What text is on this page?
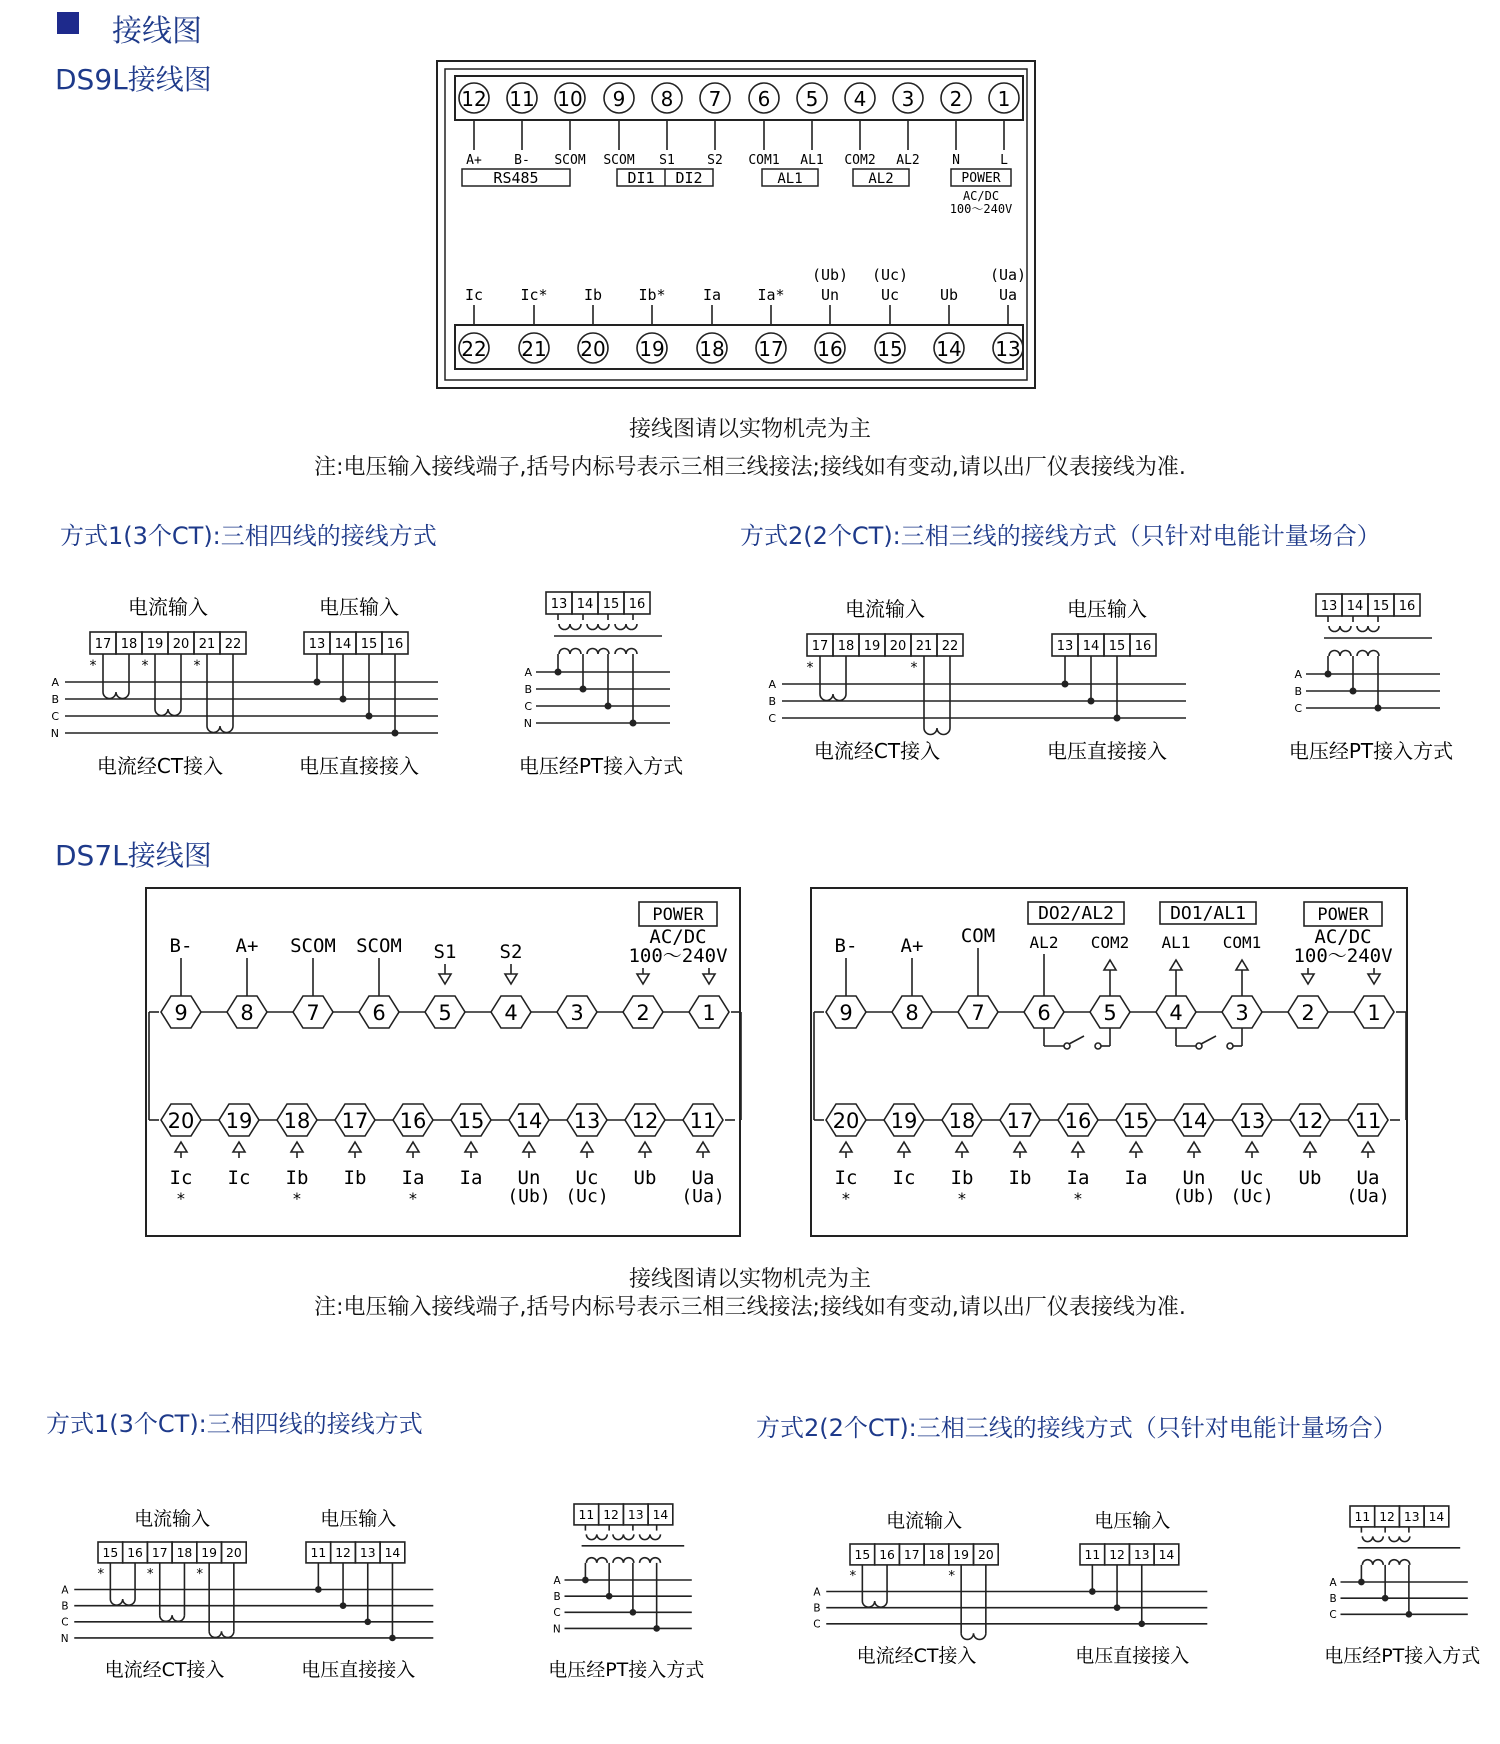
接线图
DS9L接线图
12
A+
11
B-
10
SCOM
9
SCOM
8
S1
7
S2
6
COM1
5
AL1
4
COM2
3
AL2
2
N
1
L
22
Ic
21
Ic*
20
Ib
19
Ib*
18
Ia
17
Ia*
16
Un
(Ub)
15
Uc
(Uc)
14
Ub
13
Ua
(Ua)
RS485	DI1 DI2	AL1	AL2	POWER
AC/DC
100～240V
接线图请以实物机壳为主
注:电压输入接线端子,括号内标号表示三相三线接法;接线如有变动,请以出厂仪表接线为准.
方式1(3个CT):三相四线的接线方式	方式2(2个CT):三相三线的接线方式（只针对电能计量场合）
电流输入	电压输入
17 18 19 20 21 22	13 14 15 16
A
B
C
N
*	*	*
电流经CT接入	电压直接接入
13 14 15 16
A
B
C
N
电压经PT接入方式
电流输入	电压输入
17 18 19 20 21 22	13 14 15 16
A
B
C
*	*
电流经CT接入	电压直接接入
13 14 15 16
A
B
C
电压经PT接入方式
DS7L接线图
9	8	7	6	5	4	3	2	1
20 19 18 17 16 15 14 13 12 11
POWER
AC/DC
100～240V
B- A+ SCOM SCOM S1 S2
Ic
*
Ic Ib
*
Ib Ia
*
Ia Un
(Ub)
Uc
(Uc)
Ub Ua
(Ua)
9	8	7	6	5	4	3	2	1
20 19 18 17 16 15 14 13 12 11
POWER
AC/DC
100～240V
B- A+ COM
DO2/AL2	DO1/AL1
AL2 COM2 AL1 COM1
Ic
*
Ic Ib
*
Ib Ia
*
Ia Un
(Ub)
Uc
(Uc)
Ub Ua
(Ua)
接线图请以实物机壳为主
注:电压输入接线端子,括号内标号表示三相三线接法;接线如有变动,请以出厂仪表接线为准.
方式1(3个CT):三相四线的接线方式	方式2(2个CT):三相三线的接线方式（只针对电能计量场合）
电流输入	电压输入
15 16 17 18 19 20	11 12 13 14
A
B
C
N
*	*	*
电流经CT接入	电压直接接入
11 12 13 14
A
B
C
N
电压经PT接入方式
电流输入	电压输入
15 16 17 18 19 20	11 12 13 14
A
B
C
*	*
电流经CT接入	电压直接接入
11 12 13 14
A
B
C
电压经PT接入方式
